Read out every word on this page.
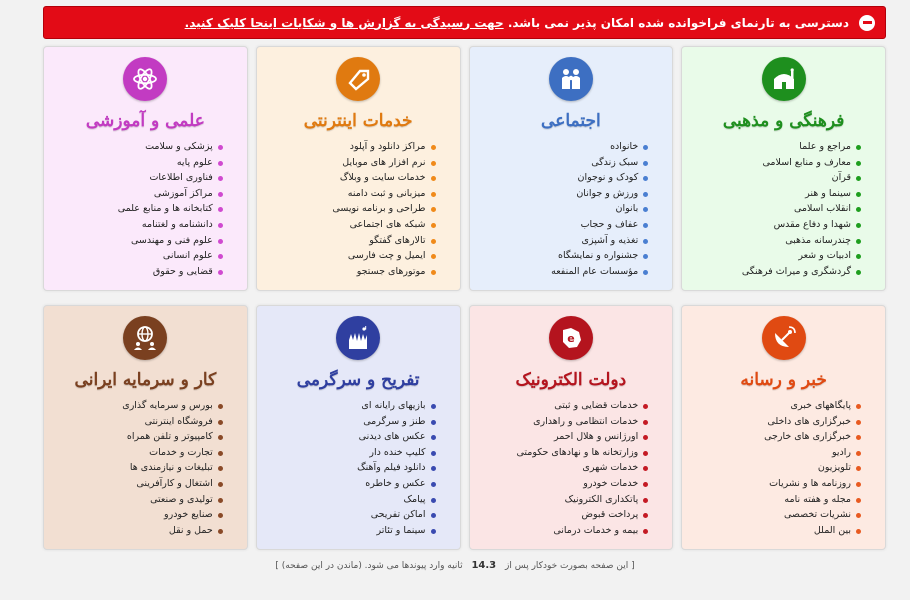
دسترسی به تارنمای فراخوانده شده امکان پذیر نمی باشد. جهت رسیدگی به گزارش ها و شکایات اینجا کلیک کنید.
فرهنگی و مذهبی
مراجع و علما
معارف و منابع اسلامی
قرآن
سینما و هنر
انقلاب اسلامی
شهدا و دفاع مقدس
چندرسانه مذهبی
ادبیات و شعر
گردشگری و میراث فرهنگی
اجتماعی
خانواده
سبک زندگی
کودک و نوجوان
ورزش و جوانان
بانوان
عفاف و حجاب
تغذیه و آشپزی
جشنواره و نمایشگاه
مؤسسات عام المنفعه
خدمات اینترنتی
مراکز دانلود و آپلود
نرم افزار های موبایل
خدمات سایت و وبلاگ
میزبانی و ثبت دامنه
طراحی و برنامه نویسی
شبکه های اجتماعی
تالارهای گفتگو
ایمیل و چت فارسی
موتورهای جستجو
علمی و آموزشی
پزشکی و سلامت
علوم پایه
فناوری اطلاعات
مراکز آموزشی
کتابخانه ها و منابع علمی
دانشنامه و لغتنامه
علوم فنی و مهندسی
علوم انسانی
قضایی و حقوق
خبر و رسانه
پایگاههای خبری
خبرگزاری های داخلی
خبرگزاری های خارجی
رادیو
تلویزیون
روزنامه ها و نشریات
مجله و هفته نامه
نشریات تخصصی
بین الملل
e
دولت الکترونیک
خدمات قضایی و ثبتی
خدمات انتظامی و راهداری
اورژانس و هلال احمر
وزارتخانه ها و نهادهای حکومتی
خدمات شهری
خدمات خودرو
پاتکداری الکترونیک
پرداخت قبوض
بیمه و خدمات درمانی
تفریح و سرگرمی
بازیهای رایانه ای
طنز و سرگرمی
عکس های دیدنی
کلیپ خنده دار
دانلود فیلم وآهنگ
عکس و خاطره
پیامک
اماکن تفریحی
سینما و تئاتر
کار و سرمایه ایرانی
بورس و سرمایه گذاری
فروشگاه اینترنتی
کامپیوتر و تلفن همراه
تجارت و خدمات
تبلیغات و نیازمندی ها
اشتغال و کارآفرینی
تولیدی و صنعتی
صنایع خودرو
حمل و نقل
[ این صفحه بصورت خودکار پس از 14.3 ثانیه وارد پیوندها می شود. (ماندن در این صفحه) ]
